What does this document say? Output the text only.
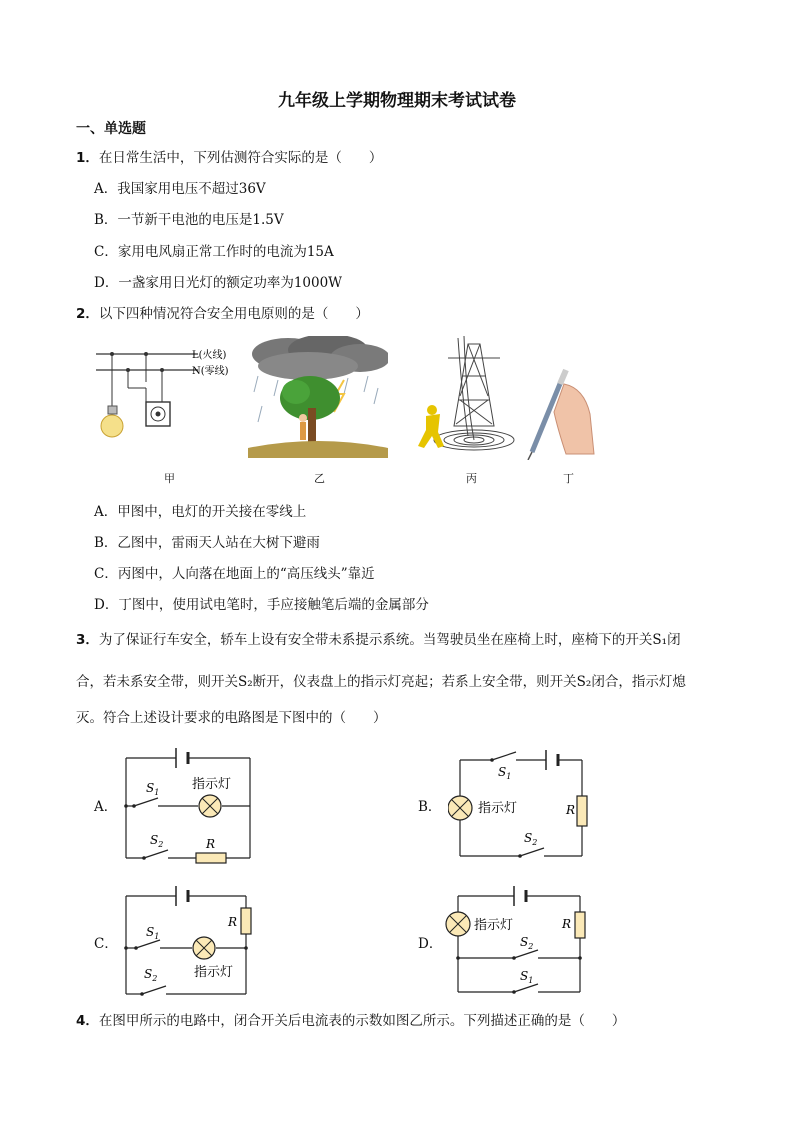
九年级上学期物理期末考试试卷
一、单选题
1．在日常生活中，下列估测符合实际的是（　　）
A．我国家用电压不超过36V
B．一节新干电池的电压是1.5V
C．家用电风扇正常工作时的电流为15A
D．一盏家用日光灯的额定功率为1000W
2．以下四种情况符合安全用电原则的是（　　）
L(火线)
N(零线)
甲	乙	丙	丁
A．甲图中，电灯的开关接在零线上
B．乙图中，雷雨天人站在大树下避雨
C．丙图中，人向落在地面上的“高压线头”靠近
D．丁图中，使用试电笔时，手应接触笔后端的金属部分
3．为了保证行车安全，轿车上设有安全带未系提示系统。当驾驶员坐在座椅上时，座椅下的开关S₁闭
合，若未系安全带，则开关S₂断开，仪表盘上的指示灯亮起；若系上安全带，则开关S₂闭合，指示灯熄
灭。符合上述设计要求的电路图是下图中的（　　）
A．
$S_1$
指示灯
$S_2$	R
B．
$S_1$
指示灯	R
$S_2$
C．
R
$S_1$
指示灯
$S_2$
D．
指示灯	R
$S_2$
$S_1$
4．在图甲所示的电路中，闭合开关后电流表的示数如图乙所示。下列描述正确的是（　　）
